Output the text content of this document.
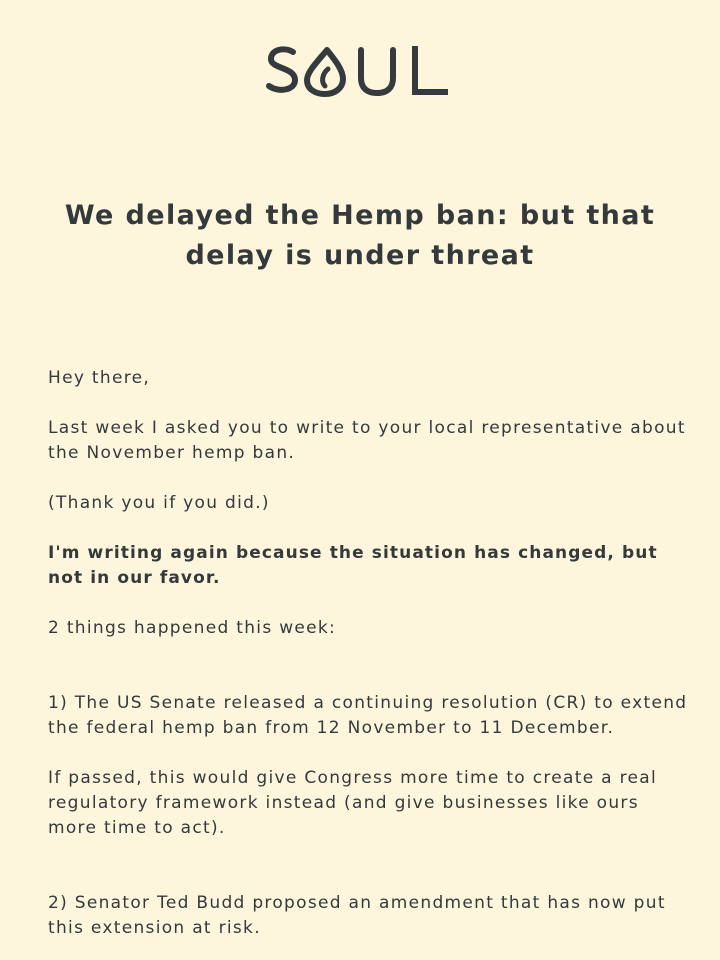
We delayed the Hemp ban: but that delay is under threat

Hey there,

Last week I asked you to write to your local representative about the November hemp ban.

(Thank you if you did.)

I'm writing again because the situation has changed, but not in our favor.

2 things happened this week:

1) The US Senate released a continuing resolution (CR) to extend the federal hemp ban from 12 November to 11 December.

If passed, this would give Congress more time to create a real regulatory framework instead (and give businesses like ours more time to act).

2) Senator Ted Budd proposed an amendment that has now put this extension at risk.
